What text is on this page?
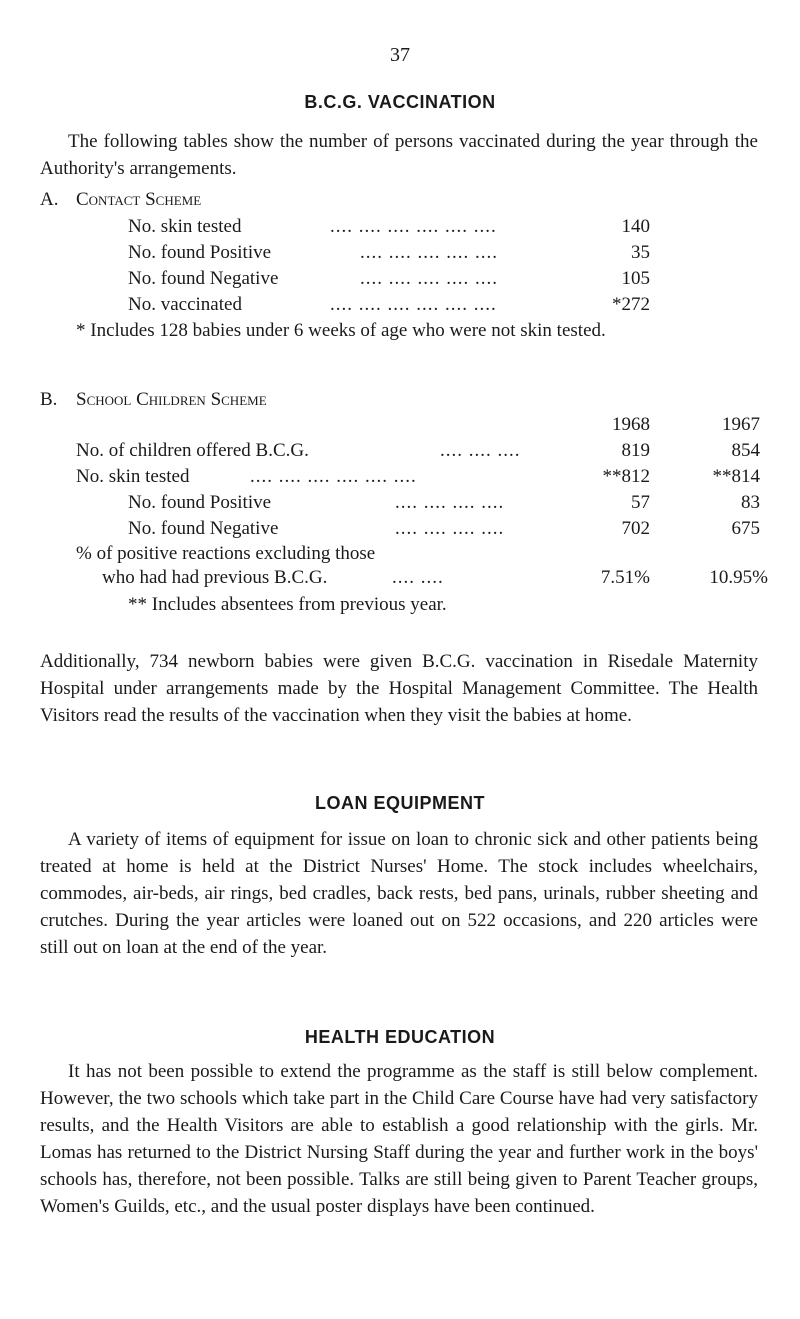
37
B.C.G. VACCINATION

The following tables show the number of persons vaccinated during the year through the Authority's arrangements.

A. Contact Scheme
No. skin tested	.... .... .... .... .... ....	140
No. found Positive	.... .... .... .... ....	35
No. found Negative	.... .... .... .... ....	105
No. vaccinated	.... .... .... .... .... ....	*272
* Includes 128 babies under 6 weeks of age who were not skin tested.
B. School Children Scheme
1968	1967
No. of children offered B.C.G.	.... .... ....	819	854
No. skin tested	.... .... .... .... .... ....	**812	**814
No. found Positive	.... .... .... ....	57	83
No. found Negative	.... .... .... ....	702	675
% of positive reactions excluding those
who had had previous B.C.G.	.... ....	7.51%	10.95%
** Includes absentees from previous year.

Additionally, 734 newborn babies were given B.C.G. vaccination in Risedale Maternity Hospital under arrangements made by the Hospital Management Committee. The Health Visitors read the results of the vaccination when they visit the babies at home.

LOAN EQUIPMENT

A variety of items of equipment for issue on loan to chronic sick and other patients being treated at home is held at the District Nurses' Home. The stock includes wheelchairs, commodes, air-beds, air rings, bed cradles, back rests, bed pans, urinals, rubber sheeting and crutches. During the year articles were loaned out on 522 occasions, and 220 articles were still out on loan at the end of the year.

HEALTH EDUCATION

It has not been possible to extend the programme as the staff is still below complement. However, the two schools which take part in the Child Care Course have had very satisfactory results, and the Health Visitors are able to establish a good relationship with the girls. Mr. Lomas has returned to the District Nursing Staff during the year and further work in the boys' schools has, therefore, not been possible. Talks are still being given to Parent Teacher groups, Women's Guilds, etc., and the usual poster displays have been continued.
